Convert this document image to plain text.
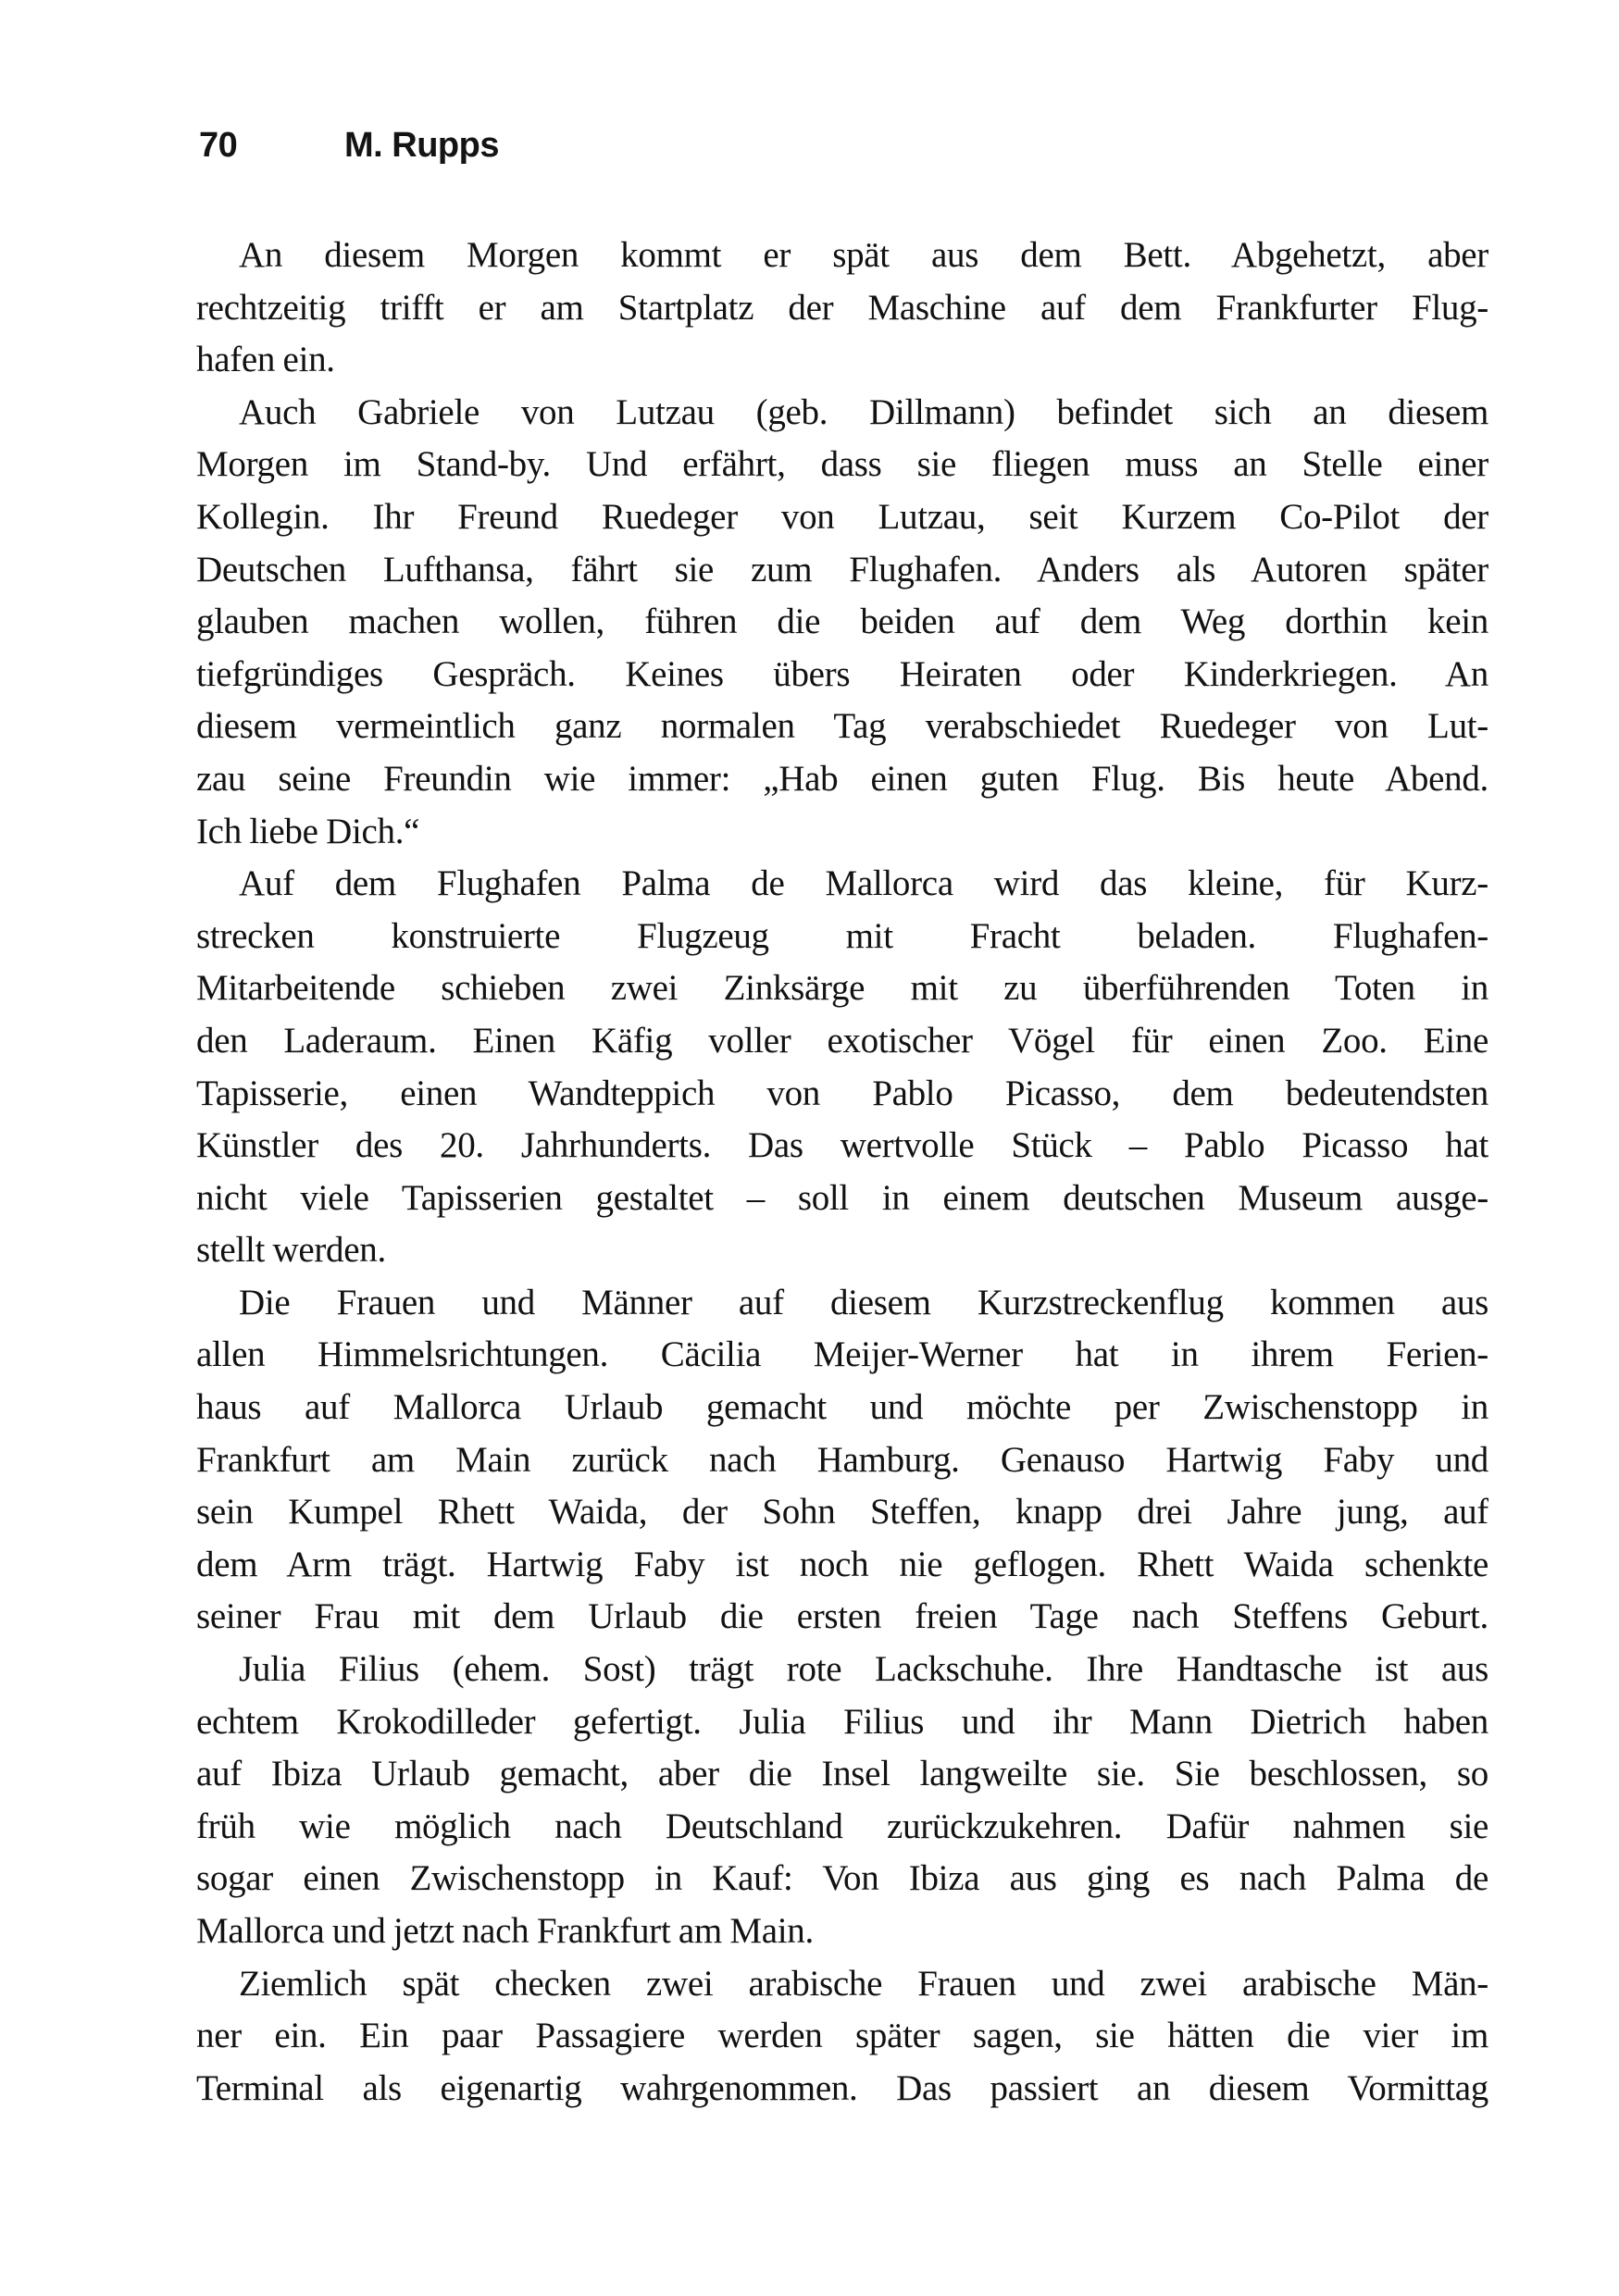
70	M. Rupps
An diesem Morgen kommt er spät aus dem Bett. Abgehetzt, aber
rechtzeitig trifft er am Startplatz der Maschine auf dem Frankfurter Flug-
hafen ein.
Auch Gabriele von Lutzau (geb. Dillmann) befindet sich an diesem
Morgen im Stand-by. Und erfährt, dass sie fliegen muss an Stelle einer
Kollegin. Ihr Freund Ruedeger von Lutzau, seit Kurzem Co-Pilot der
Deutschen Lufthansa, fährt sie zum Flughafen. Anders als Autoren später
glauben machen wollen, führen die beiden auf dem Weg dorthin kein
tiefgründiges Gespräch. Keines übers Heiraten oder Kinderkriegen. An
diesem vermeintlich ganz normalen Tag verabschiedet Ruedeger von Lut-
zau seine Freundin wie immer: „Hab einen guten Flug. Bis heute Abend.
Ich liebe Dich.“
Auf dem Flughafen Palma de Mallorca wird das kleine, für Kurz-
strecken konstruierte Flugzeug mit Fracht beladen. Flughafen-
Mitarbeitende schieben zwei Zinksärge mit zu überführenden Toten in
den Laderaum. Einen Käfig voller exotischer Vögel für einen Zoo. Eine
Tapisserie, einen Wandteppich von Pablo Picasso, dem bedeutendsten
Künstler des 20. Jahrhunderts. Das wertvolle Stück – Pablo Picasso hat
nicht viele Tapisserien gestaltet – soll in einem deutschen Museum ausge-
stellt werden.
Die Frauen und Männer auf diesem Kurzstreckenflug kommen aus
allen Himmelsrichtungen. Cäcilia Meijer-Werner hat in ihrem Ferien-
haus auf Mallorca Urlaub gemacht und möchte per Zwischenstopp in
Frankfurt am Main zurück nach Hamburg. Genauso Hartwig Faby und
sein Kumpel Rhett Waida, der Sohn Steffen, knapp drei Jahre jung, auf
dem Arm trägt. Hartwig Faby ist noch nie geflogen. Rhett Waida schenkte
seiner Frau mit dem Urlaub die ersten freien Tage nach Steffens Geburt.
Julia Filius (ehem. Sost) trägt rote Lackschuhe. Ihre Handtasche ist aus
echtem Krokodilleder gefertigt. Julia Filius und ihr Mann Dietrich haben
auf Ibiza Urlaub gemacht, aber die Insel langweilte sie. Sie beschlossen, so
früh wie möglich nach Deutschland zurückzukehren. Dafür nahmen sie
sogar einen Zwischenstopp in Kauf: Von Ibiza aus ging es nach Palma de
Mallorca und jetzt nach Frankfurt am Main.
Ziemlich spät checken zwei arabische Frauen und zwei arabische Män-
ner ein. Ein paar Passagiere werden später sagen, sie hätten die vier im
Terminal als eigenartig wahrgenommen. Das passiert an diesem Vormittag
